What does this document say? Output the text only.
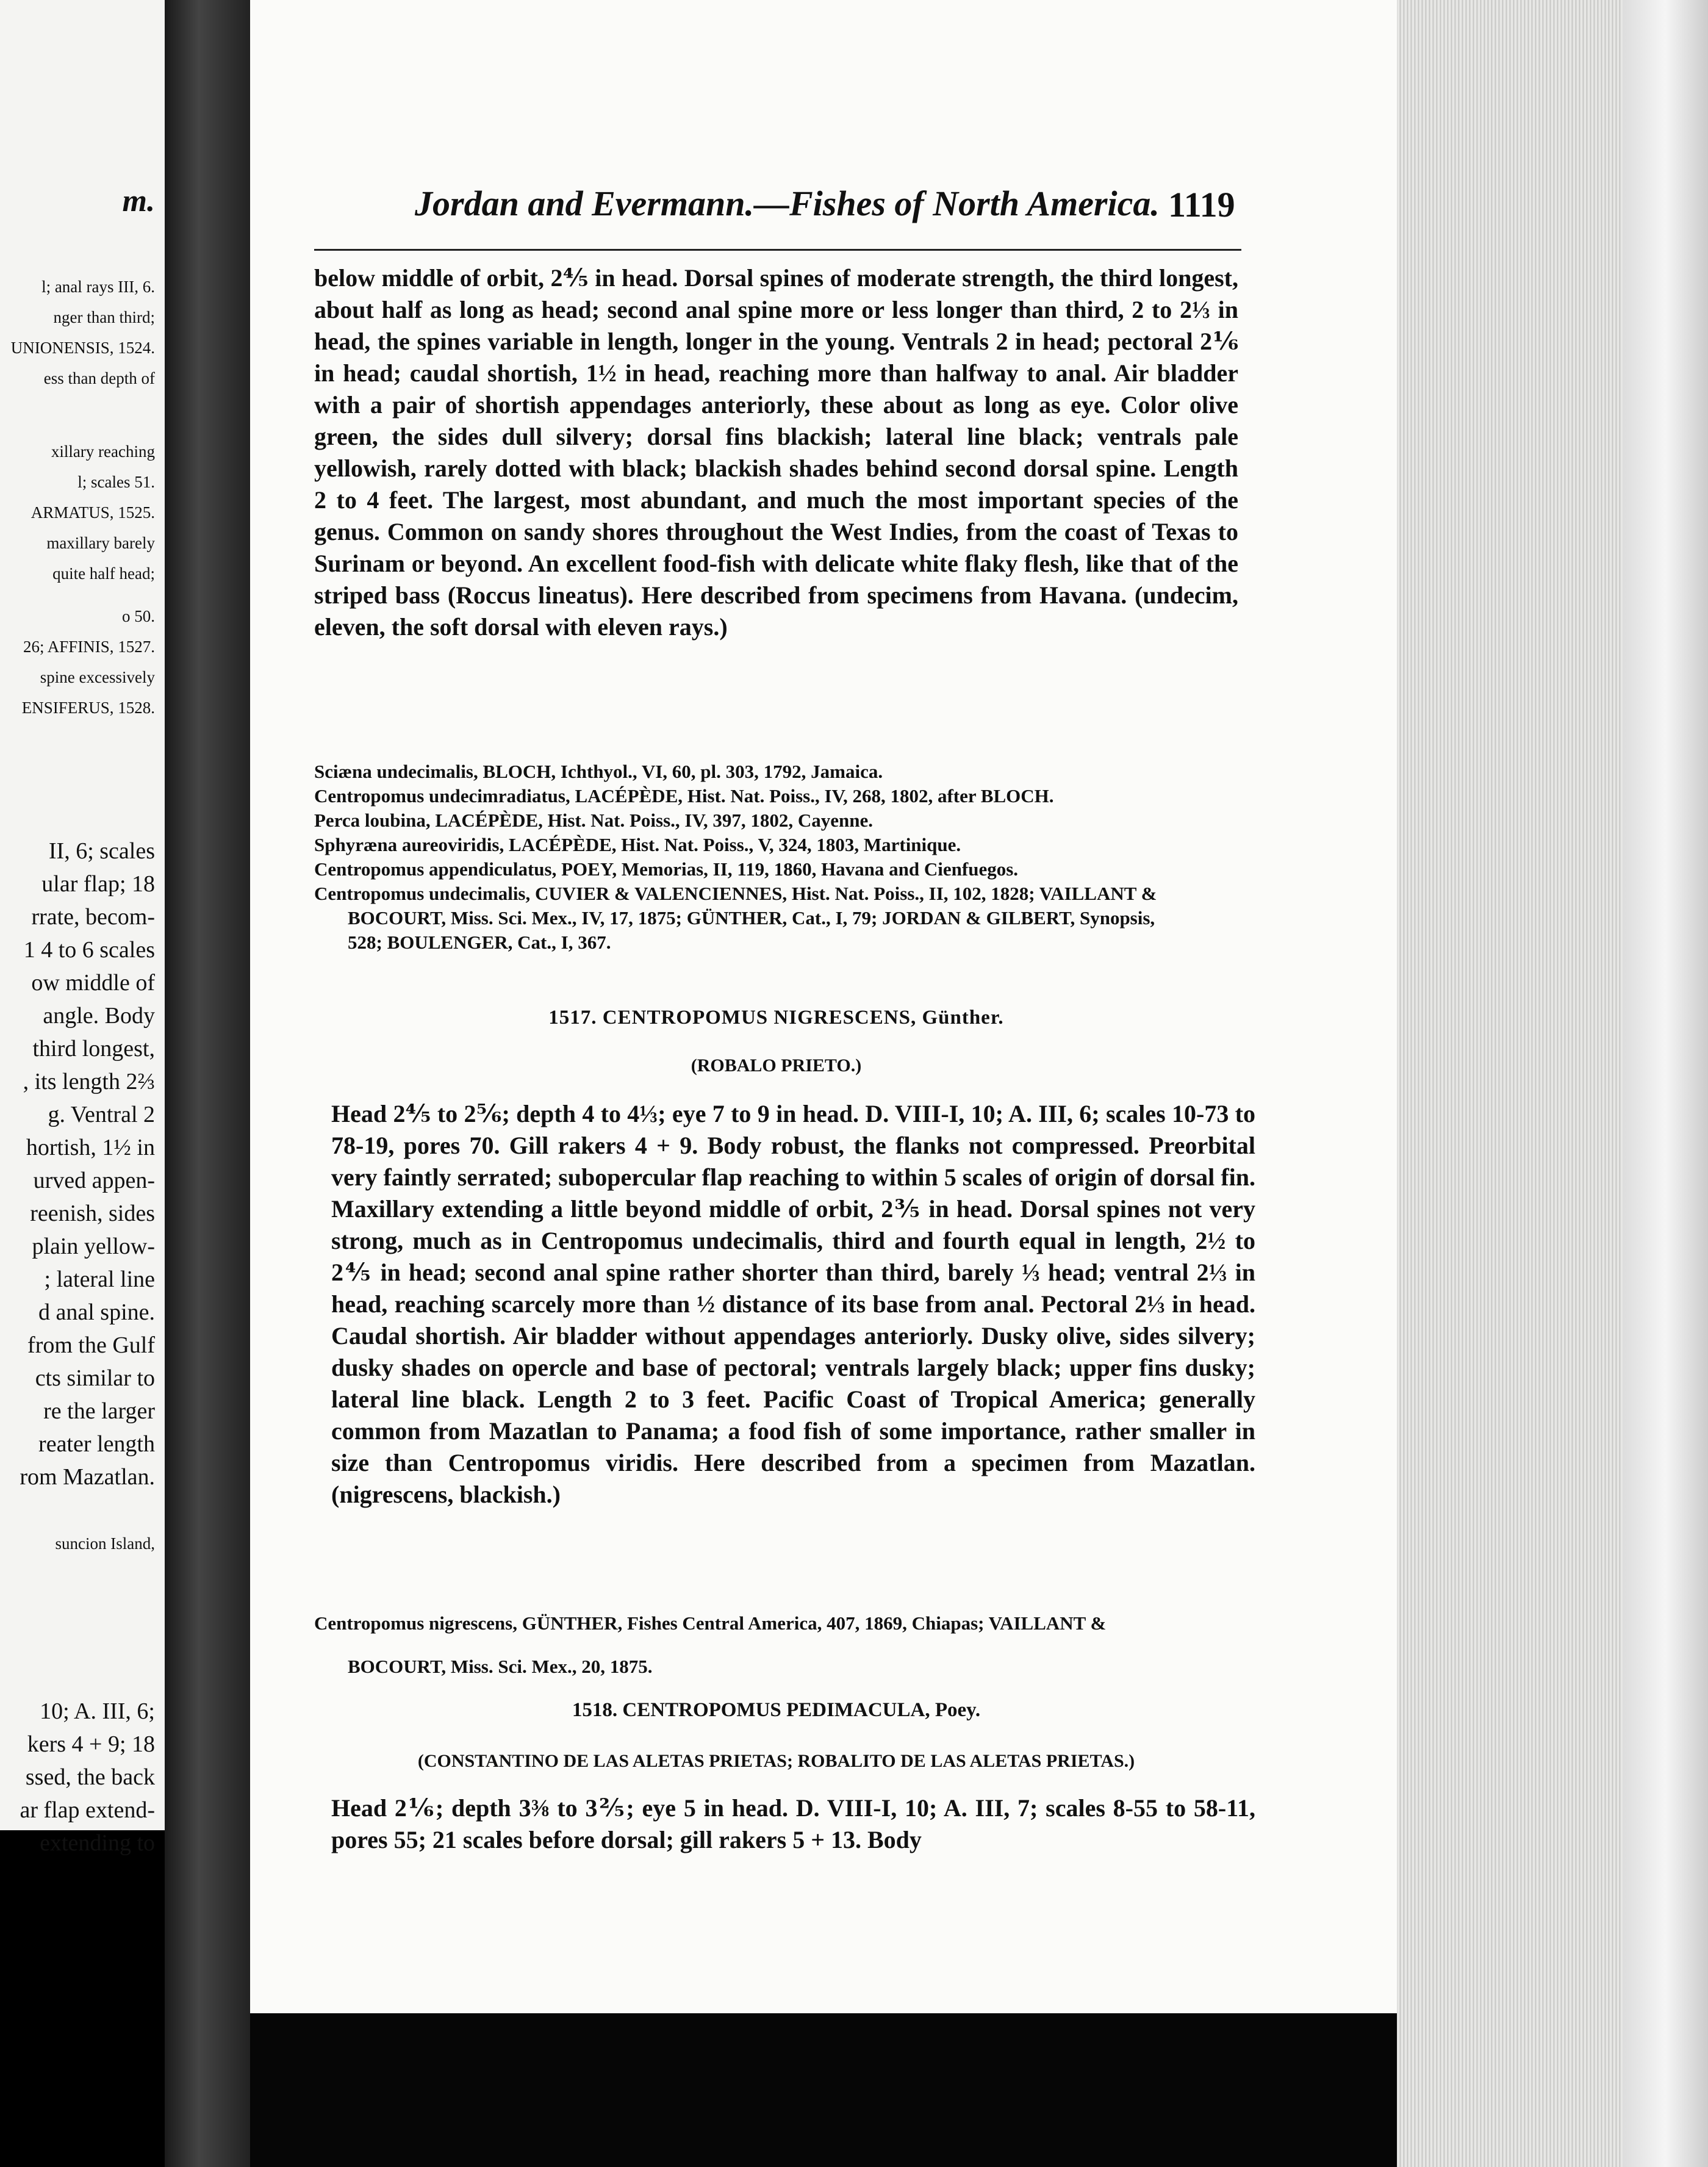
m.
l; anal rays III, 6.
nger than third;
UNIONENSIS, 1524.
ess than depth of
xillary reaching
l; scales 51.
ARMATUS, 1525.
maxillary barely
quite half head;
o 50.
26; AFFINIS, 1527.
spine excessively
ENSIFERUS, 1528.
II, 6; scales
ular flap; 18
rrate, becom-
1 4 to 6 scales
ow middle of
angle. Body
third longest,
, its length 2⅔
g. Ventral 2
hortish, 1½ in
urved appen-
reenish, sides
plain yellow-
; lateral line
d anal spine.
from the Gulf
cts similar to
re the larger
reater length
rom Mazatlan.
suncion Island,
10; A. III, 6;
kers 4 + 9; 18
ssed, the back
ar flap extend-
extending to
Jordan and Evermann.—Fishes of North America. 1119

below middle of orbit, 2⅘ in head. Dorsal spines of moderate strength, the third longest, about half as long as head; second anal spine more or less longer than third, 2 to 2⅓ in head, the spines variable in length, longer in the young. Ventrals 2 in head; pectoral 2⅙ in head; caudal shortish, 1½ in head, reaching more than halfway to anal. Air bladder with a pair of shortish appendages anteriorly, these about as long as eye. Color olive green, the sides dull silvery; dorsal fins blackish; lateral line black; ventrals pale yellowish, rarely dotted with black; blackish shades behind second dorsal spine. Length 2 to 4 feet. The largest, most abundant, and much the most important species of the genus. Common on sandy shores throughout the West Indies, from the coast of Texas to Surinam or beyond. An excellent food-fish with delicate white flaky flesh, like that of the striped bass (Roccus lineatus). Here described from specimens from Havana. (undecim, eleven, the soft dorsal with eleven rays.)

Sciæna undecimalis, BLOCH, Ichthyol., VI, 60, pl. 303, 1792, Jamaica.

Centropomus undecimradiatus, LACÉPÈDE, Hist. Nat. Poiss., IV, 268, 1802, after BLOCH.

Perca loubina, LACÉPÈDE, Hist. Nat. Poiss., IV, 397, 1802, Cayenne.

Sphyræna aureoviridis, LACÉPÈDE, Hist. Nat. Poiss., V, 324, 1803, Martinique.

Centropomus appendiculatus, POEY, Memorias, II, 119, 1860, Havana and Cienfuegos.

Centropomus undecimalis, CUVIER & VALENCIENNES, Hist. Nat. Poiss., II, 102, 1828; VAILLANT &

BOCOURT, Miss. Sci. Mex., IV, 17, 1875; GÜNTHER, Cat., I, 79; JORDAN & GILBERT, Synopsis,

528; BOULENGER, Cat., I, 367.

1517. CENTROPOMUS NIGRESCENS, Günther.
(ROBALO PRIETO.)

Head 2⅘ to 2⅚; depth 4 to 4⅓; eye 7 to 9 in head. D. VIII-I, 10; A. III, 6; scales 10-73 to 78-19, pores 70. Gill rakers 4 + 9. Body robust, the flanks not compressed. Preorbital very faintly serrated; subopercular flap reaching to within 5 scales of origin of dorsal fin. Maxillary extending a little beyond middle of orbit, 2⅗ in head. Dorsal spines not very strong, much as in Centropomus undecimalis, third and fourth equal in length, 2½ to 2⅘ in head; second anal spine rather shorter than third, barely ⅓ head; ventral 2⅓ in head, reaching scarcely more than ½ distance of its base from anal. Pectoral 2⅓ in head. Caudal shortish. Air bladder without appendages anteriorly. Dusky olive, sides silvery; dusky shades on opercle and base of pectoral; ventrals largely black; upper fins dusky; lateral line black. Length 2 to 3 feet. Pacific Coast of Tropical America; generally common from Mazatlan to Panama; a food fish of some importance, rather smaller in size than Centropomus viridis. Here described from a specimen from Mazatlan. (nigrescens, blackish.)

Centropomus nigrescens, GÜNTHER, Fishes Central America, 407, 1869, Chiapas; VAILLANT &

BOCOURT, Miss. Sci. Mex., 20, 1875.

1518. CENTROPOMUS PEDIMACULA, Poey.
(CONSTANTINO DE LAS ALETAS PRIETAS; ROBALITO DE LAS ALETAS PRIETAS.)

Head 2⅙; depth 3⅜ to 3⅖; eye 5 in head. D. VIII-I, 10; A. III, 7; scales 8-55 to 58-11, pores 55; 21 scales before dorsal; gill rakers 5 + 13. Body
